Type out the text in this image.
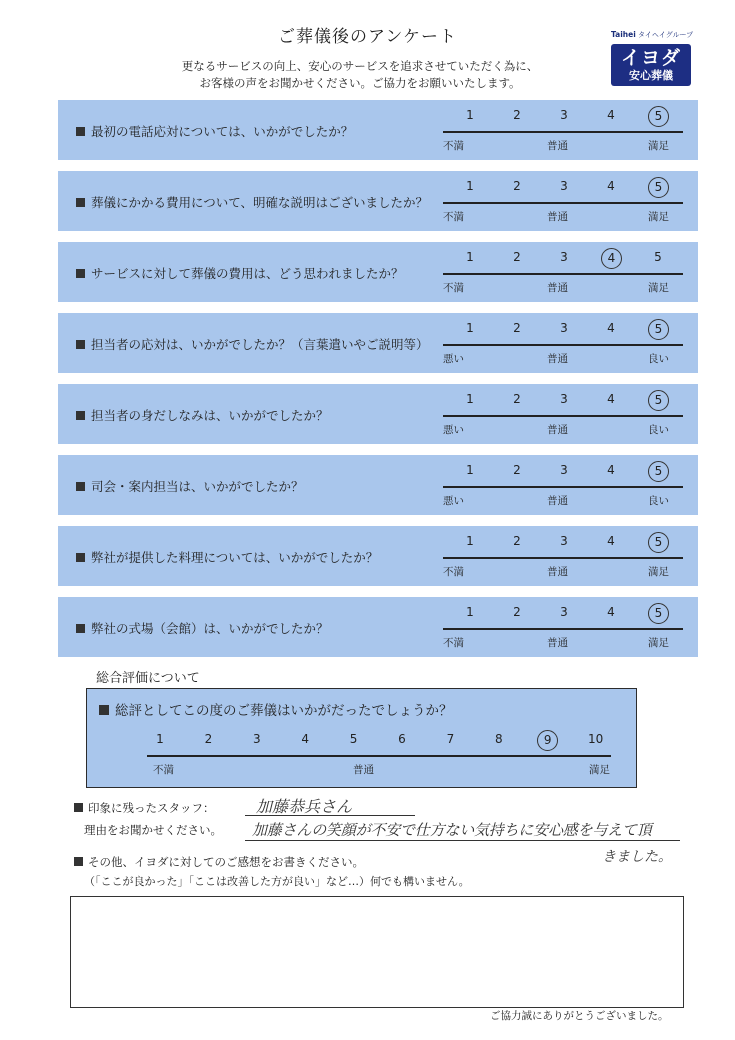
ご葬儀後のアンケート
更なるサービスの向上、安心のサービスを追求させていただく為に、
お客様の声をお聞かせください。ご協力をお願いいたします。
Taihei タイヘイグループ
イヨダ
安心葬儀
最初の電話応対については、いかがでしたか？
1	2	3	4	5
不満	普通	満足
葬儀にかかる費用について、明確な説明はございましたか？
1	2	3	4	5
不満	普通	満足
サービスに対して葬儀の費用は、どう思われましたか？
1	2	3	4	5
不満	普通	満足
担当者の応対は、いかがでしたか？（言葉遣いやご説明等）
1	2	3	4	5
悪い	普通	良い
担当者の身だしなみは、いかがでしたか？
1	2	3	4	5
悪い	普通	良い
司会・案内担当は、いかがでしたか？
1	2	3	4	5
悪い	普通	良い
弊社が提供した料理については、いかがでしたか？
1	2	3	4	5
不満	普通	満足
弊社の式場（会館）は、いかがでしたか？
1	2	3	4	5
不満	普通	満足
総合評価について
総評としてこの度のご葬儀はいかがだったでしょうか？
1	2	3	4	5	6	7	8	9	10
不満	普通	満足
印象に残ったスタッフ：	加藤恭兵さん
理由をお聞かせください。 加藤さんの笑顔が不安で仕方ない気持ちに安心感を与えて頂
きました。
その他、イヨダに対してのご感想をお書きください。
（「ここが良かった」「ここは改善した方が良い」など…）何でも構いません。
ご協力誠にありがとうございました。
